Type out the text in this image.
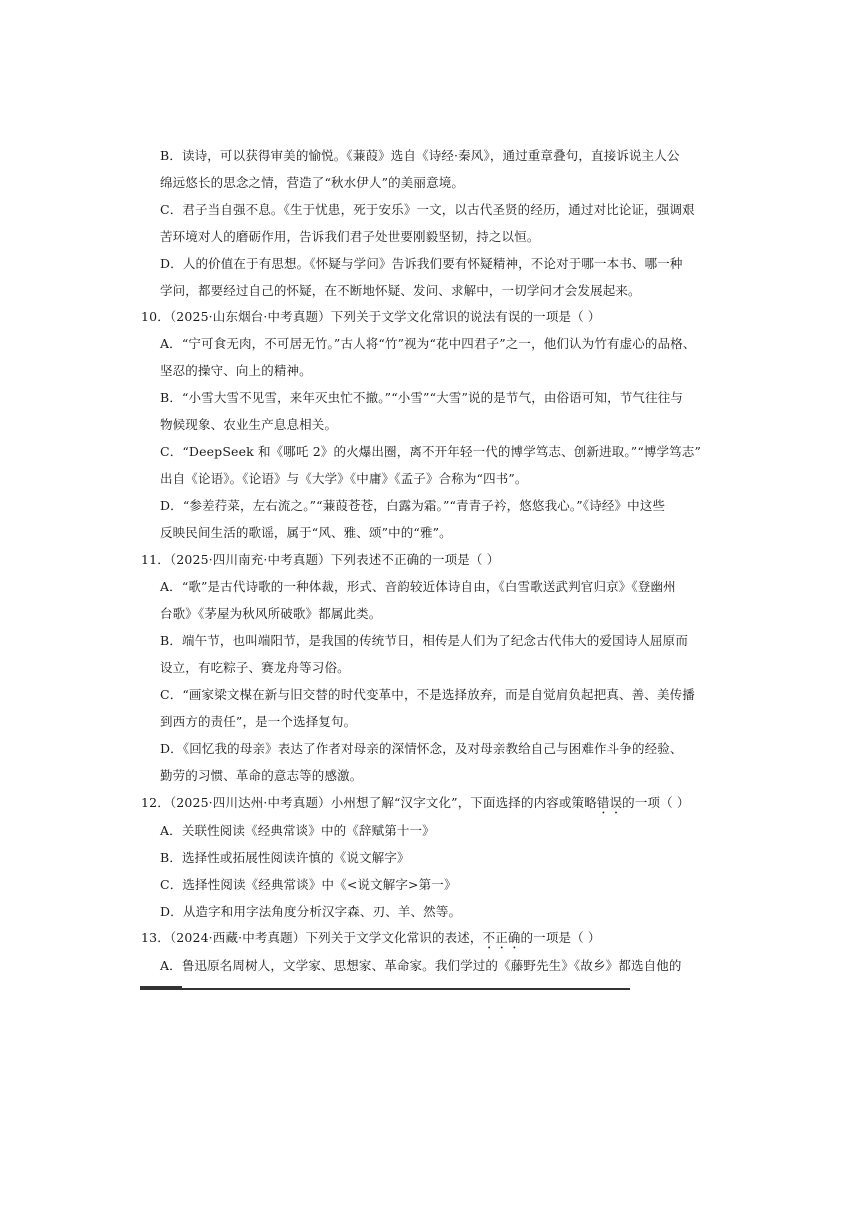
B．读诗，可以获得审美的愉悦。《蒹葭》选自《诗经·秦风》，通过重章叠句，直接诉说主人公
绵远悠长的思念之情，营造了“秋水伊人”的美丽意境。
C．君子当自强不息。《生于忧患，死于安乐》一文，以古代圣贤的经历，通过对比论证，强调艰
苦环境对人的磨砺作用，告诉我们君子处世要刚毅坚韧，持之以恒。
D．人的价值在于有思想。《怀疑与学问》告诉我们要有怀疑精神，不论对于哪一本书、哪一种
学问，都要经过自己的怀疑，在不断地怀疑、发问、求解中，一切学问才会发展起来。
10．（2025·山东烟台·中考真题）下列关于文学文化常识的说法有误的一项是（ ）
A．“宁可食无肉，不可居无竹。”古人将“竹”视为“花中四君子”之一，他们认为竹有虚心的品格、
坚忍的操守、向上的精神。
B．“小雪大雪不见雪，来年灭虫忙不撤。”“小雪”“大雪”说的是节气，由俗语可知，节气往往与
物候现象、农业生产息息相关。
C．“DeepSeek 和《哪吒 2》的火爆出圈，离不开年轻一代的博学笃志、创新进取。”“博学笃志”
出自《论语》。《论语》与《大学》《中庸》《孟子》合称为“四书”。
D．“参差荇菜，左右流之。”“蒹葭苍苍，白露为霜。”“青青子衿，悠悠我心。”《诗经》中这些
反映民间生活的歌谣，属于“风、雅、颂”中的“雅”。
11．（2025·四川南充·中考真题）下列表述不正确的一项是（ ）
A．“歌”是古代诗歌的一种体裁，形式、音韵较近体诗自由，《白雪歌送武判官归京》《登幽州
台歌》《茅屋为秋风所破歌》都属此类。
B．端午节，也叫端阳节，是我国的传统节日，相传是人们为了纪念古代伟大的爱国诗人屈原而
设立，有吃粽子、赛龙舟等习俗。
C．“画家梁文楳在新与旧交替的时代变革中，不是选择放弃，而是自觉肩负起把真、善、美传播
到西方的责任”，是一个选择复句。
D．《回忆我的母亲》表达了作者对母亲的深情怀念，及对母亲教给自己与困难作斗争的经验、
勤劳的习惯、革命的意志等的感激。
12．（2025·四川达州·中考真题）小州想了解“汉字文化”，下面选择的内容或策略错误的一项（ ）
A．关联性阅读《经典常谈》中的《辞赋第十一》
B．选择性或拓展性阅读许慎的《说文解字》
C．选择性阅读《经典常谈》中《<说文解字>第一》
D．从造字和用字法角度分析汉字森、刃、羊、然等。
13．（2024·西藏·中考真题）下列关于文学文化常识的表述，不正确的一项是（ ）
A．鲁迅原名周树人，文学家、思想家、革命家。我们学过的《藤野先生》《故乡》都选自他的
